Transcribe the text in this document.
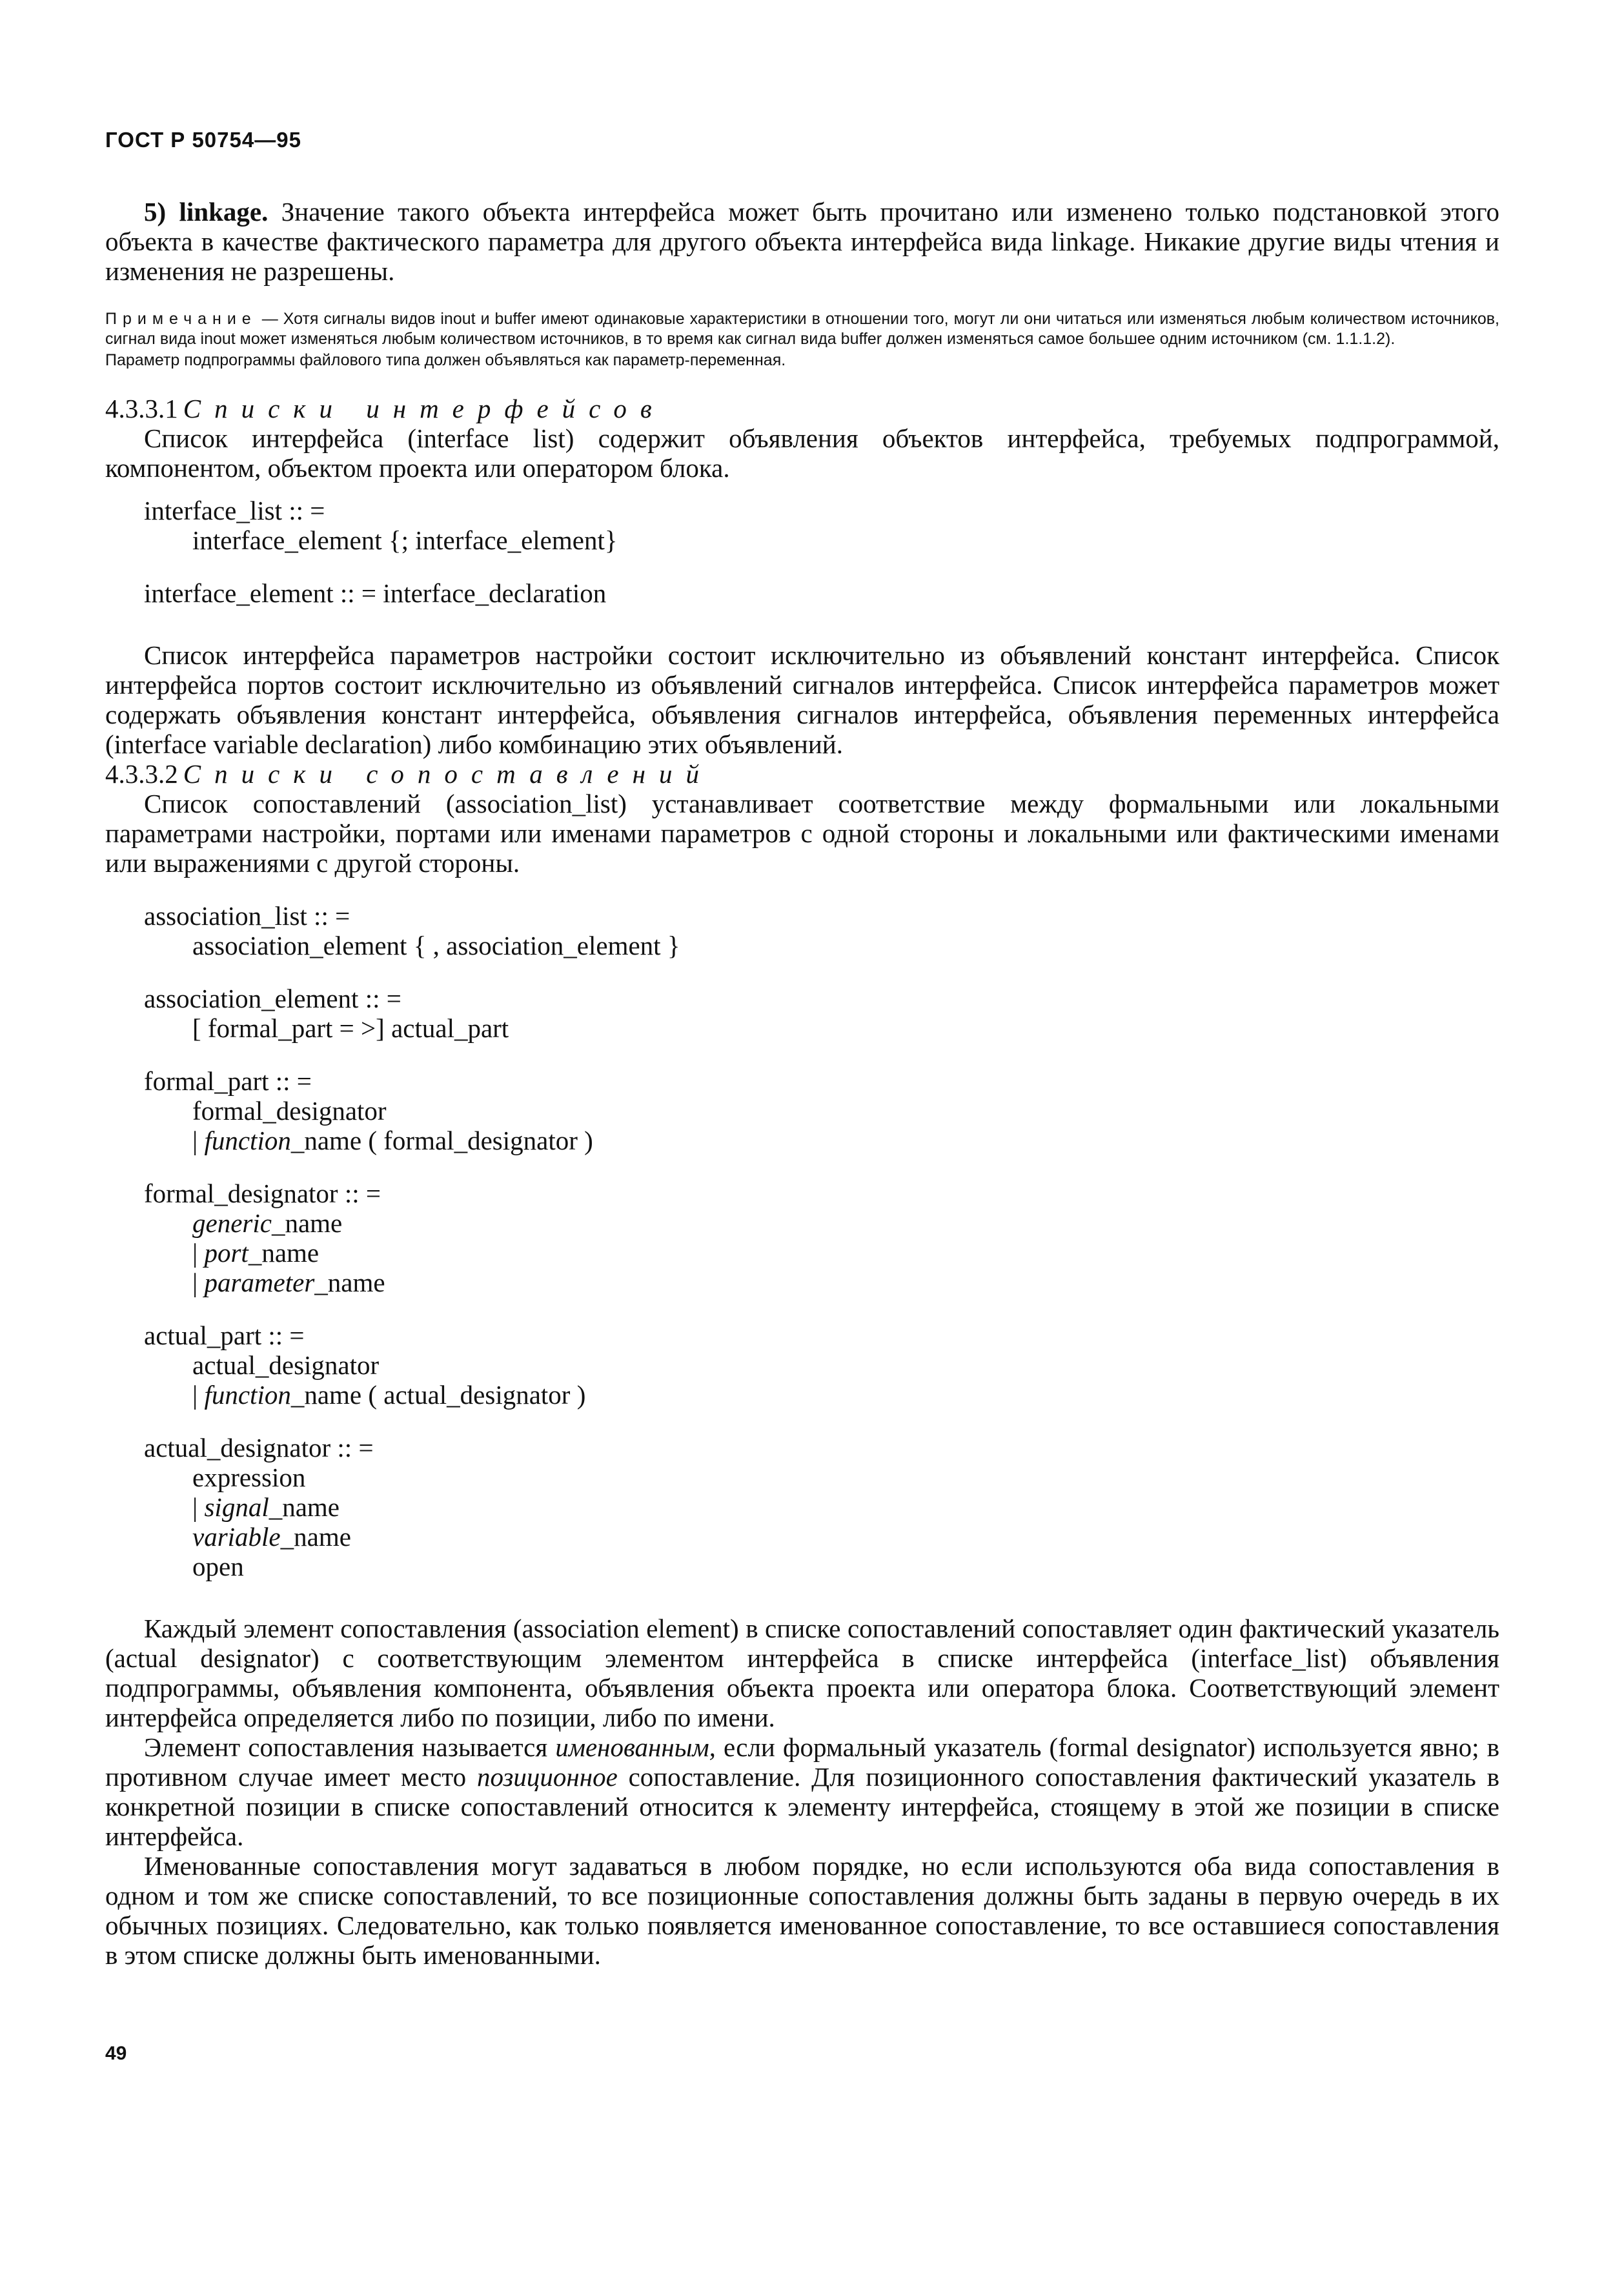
ГОСТ Р 50754—95

5) linkage. Значение такого объекта интерфейса может быть прочитано или изменено только подстановкой этого объекта в качестве фактического параметра для другого объекта интерфейса вида linkage. Никакие другие виды чтения и изменения не разрешены.

Примечание — Хотя сигналы видов inout и buffer имеют одинаковые характеристики в отношении того, могут ли они читаться или изменяться любым количеством источников, сигнал вида inout может изменяться любым количеством источников, в то время как сигнал вида buffer должен изменяться самое большее одним источником (см. 1.1.1.2).

Параметр подпрограммы файлового типа должен объявляться как параметр-переменная.

4.3.3.1 Списки интерфейсов

Список интерфейса (interface list) содержит объявления объектов интерфейса, требуемых подпрограммой, компонентом, объектом проекта или оператором блока.

interface_list :: =
interface_element {; interface_element}
interface_element :: = interface_declaration

Список интерфейса параметров настройки состоит исключительно из объявлений констант интерфейса. Список интерфейса портов состоит исключительно из объявлений сигналов интерфейса. Список интерфейса параметров может содержать объявления констант интерфейса, объявления сигналов интерфейса, объявления переменных интерфейса (interface variable declaration) либо комбинацию этих объявлений.

4.3.3.2 Списки сопоставлений

Список сопоставлений (association_list) устанавливает соответствие между формальными или локальными параметрами настройки, портами или именами параметров с одной стороны и локальными или фактическими именами или выражениями с другой стороны.

association_list :: =
association_element { , association_element }
association_element :: =
[ formal_part = >] actual_part
formal_part :: =
formal_designator
| function_name ( formal_designator )
formal_designator :: =
generic_name
| port_name
| parameter_name
actual_part :: =
actual_designator
| function_name ( actual_designator )
actual_designator :: =
expression
| signal_name
variable_name
open

Каждый элемент сопоставления (association element) в списке сопоставлений сопоставляет один фактический указатель (actual designator) с соответствующим элементом интерфейса в списке интерфейса (interface_list) объявления подпрограммы, объявления компонента, объявления объекта проекта или оператора блока. Соответствующий элемент интерфейса определяется либо по позиции, либо по имени.

Элемент сопоставления называется именованным, если формальный указатель (formal designator) используется явно; в противном случае имеет место позиционное сопоставление. Для позиционного сопоставления фактический указатель в конкретной позиции в списке сопоставлений относится к элементу интерфейса, стоящему в этой же позиции в списке интерфейса.

Именованные сопоставления могут задаваться в любом порядке, но если используются оба вида сопоставления в одном и том же списке сопоставлений, то все позиционные сопоставления должны быть заданы в первую очередь в их обычных позициях. Следовательно, как только появляется именованное сопоставление, то все оставшиеся сопоставления в этом списке должны быть именованными.

49
